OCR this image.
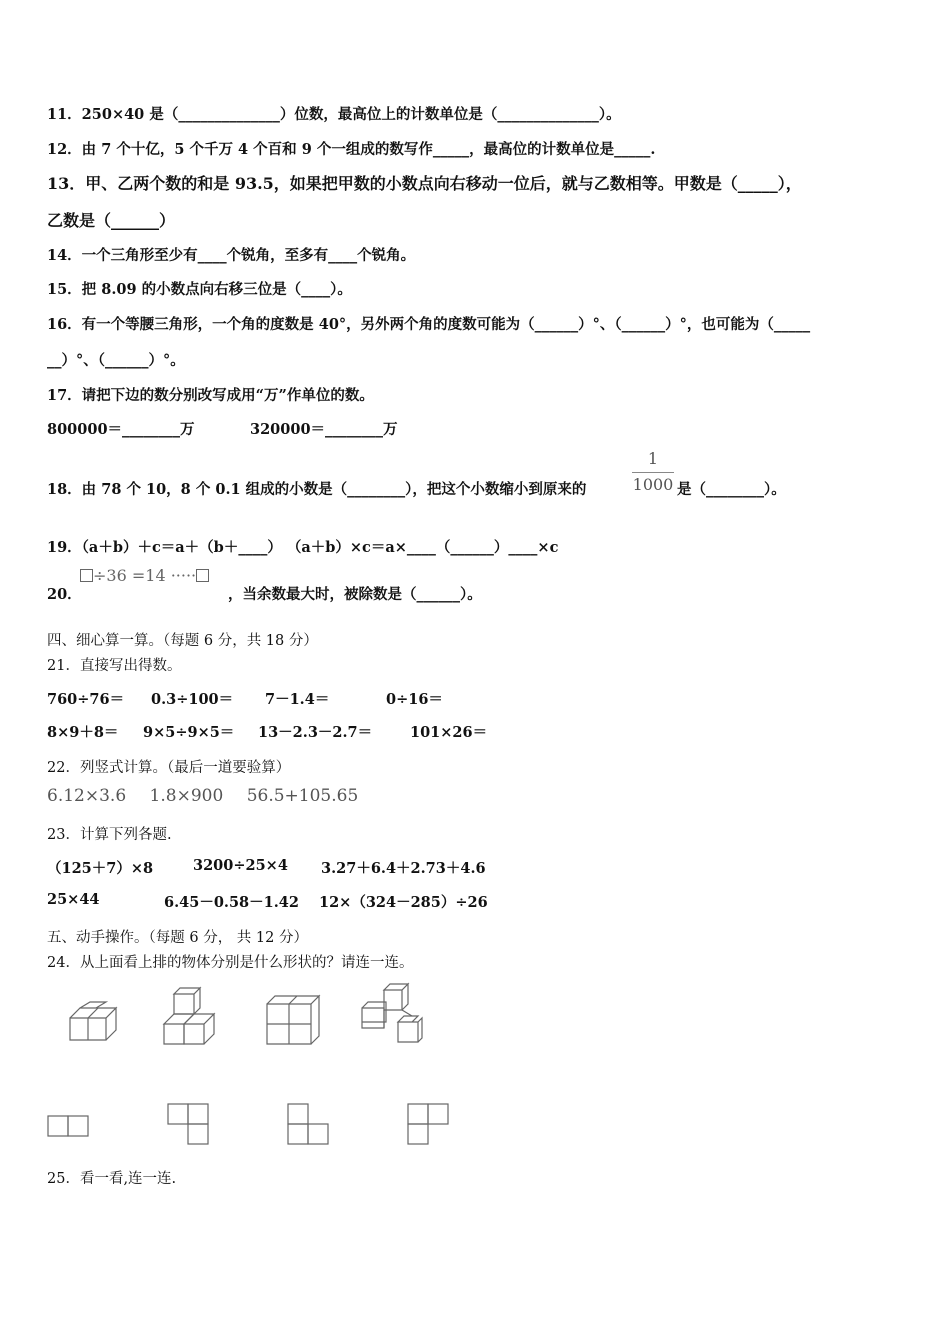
11．250×40 是（______________）位数，最高位上的计数单位是（______________）。
12．由 7 个十亿，5 个千万 4 个百和 9 个一组成的数写作_____，最高位的计数单位是_____.
13．甲、乙两个数的和是 93.5，如果把甲数的小数点向右移动一位后，就与乙数相等。甲数是（_____），
乙数是（______）
14．一个三角形至少有____个锐角，至多有____个锐角。
15．把 8.09 的小数点向右移三位是（____）。
16．有一个等腰三角形，一个角的度数是 40°，另外两个角的度数可能为（______）°、（______）°，也可能为（_____
__）°、（______）°。
17．请把下边的数分别改写成用“万”作单位的数。
800000＝________万	320000＝________万
18．由 78 个 10，8 个 0.1 组成的小数是（________），把这个小数缩小到原来的
1
1000 是（________）。
19．（a＋b）＋c＝a＋（b＋____） （a＋b）×c＝a×____（______）____×c
20．
÷36 =14 ·····
，当余数最大时，被除数是（______）。
四、细心算一算。（每题 6 分，共 18 分）
21．直接写出得数。
760÷76＝ 0.3÷100＝ 7－1.4＝	0÷16＝
8×9＋8＝ 9×5÷9×5＝ 13－2.3－2.7＝	101×26＝
22．列竖式计算。（最后一道要验算）
6.12×3.6 1.8×900 56.5+105.65
23．计算下列各题.
（125＋7）×8	3200÷25×4 3.27＋6.4＋2.73＋4.6
25×44	6.45－0.58－1.42 12×（324－285）÷26
五、动手操作。（每题 6 分， 共 12 分）
24．从上面看上排的物体分别是什么形状的？请连一连。
25．看一看,连一连.
